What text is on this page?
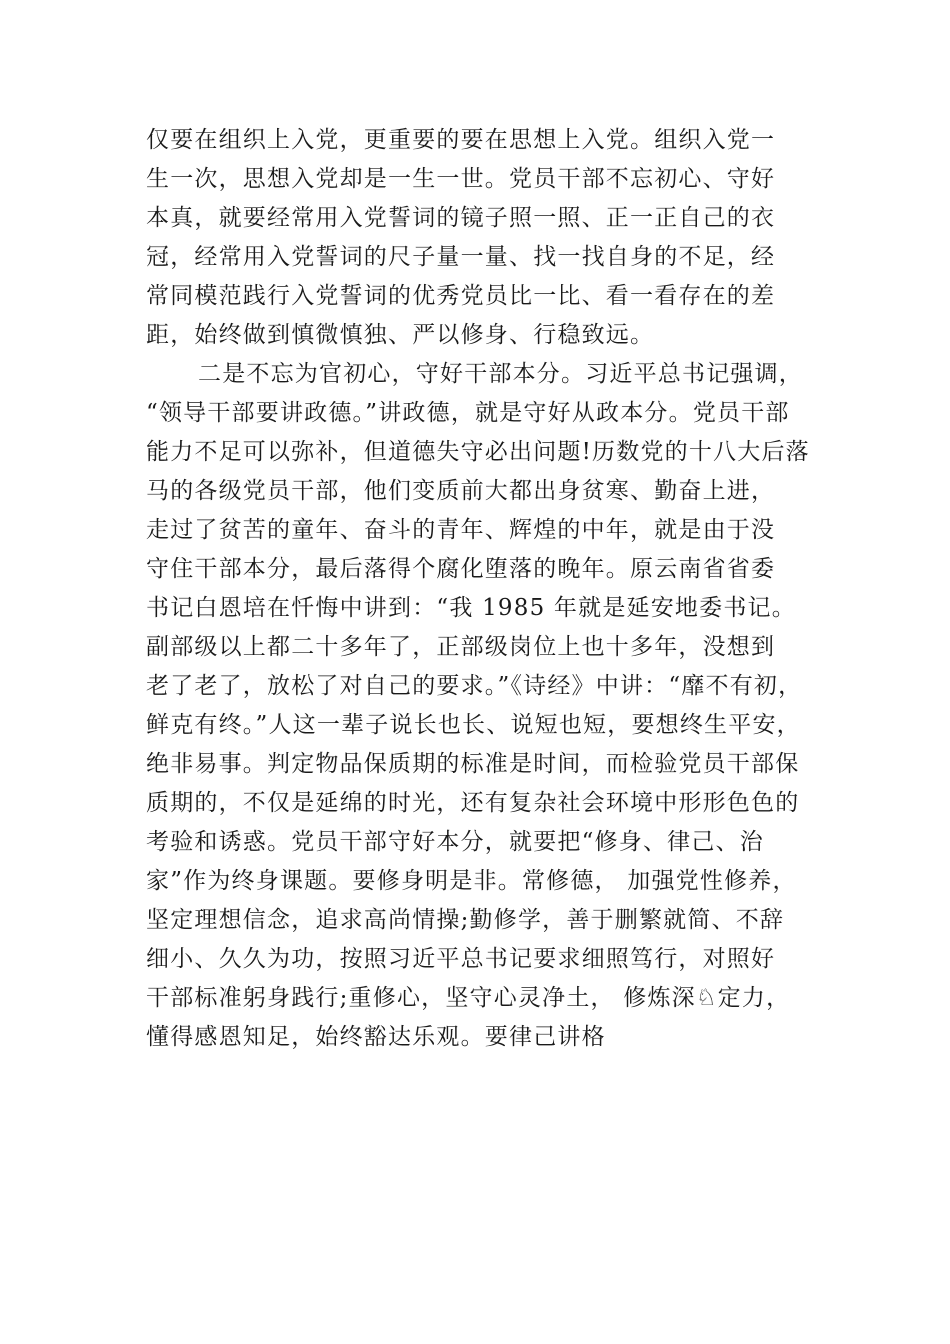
仅要在组织上入党，更重要的要在思想上入党。组织入党一
生一次，思想入党却是一生一世。党员干部不忘初心、守好
本真，就要经常用入党誓词的镜子照一照、正一正自己的衣
冠，经常用入党誓词的尺子量一量、找一找自身的不足，经
常同模范践行入党誓词的优秀党员比一比、看一看存在的差
距，始终做到慎微慎独、严以修身、行稳致远。
二是不忘为官初心，守好干部本分。习近平总书记强调，
“领导干部要讲政德。”讲政德，就是守好从政本分。党员干部
能力不足可以弥补，但道德失守必出问题!历数党的十八大后落
马的各级党员干部，他们变质前大都出身贫寒、勤奋上进，
走过了贫苦的童年、奋斗的青年、辉煌的中年，就是由于没
守住干部本分，最后落得个腐化堕落的晚年。原云南省省委
书记白恩培在忏悔中讲到：“我 1985 年就是延安地委书记。
副部级以上都二十多年了，正部级岗位上也十多年，没想到
老了老了，放松了对自己的要求。”《诗经》中讲：“靡不有初，
鲜克有终。”人这一辈子说长也长、说短也短，要想终生平安，
绝非易事。判定物品保质期的标准是时间，而检验党员干部保
质期的，不仅是延绵的时光，还有复杂社会环境中形形色色的
考验和诱惑。党员干部守好本分，就要把“修身、律己、治
家”作为终身课题。要修身明是非。常修德， 加强党性修养，
坚定理想信念，追求高尚情操;勤修学，善于删繁就简、不辞
细小、久久为功，按照习近平总书记要求细照笃行，对照好
干部标准躬身践行;重修心，坚守心灵净土， 修炼深♘定力，
懂得感恩知足，始终豁达乐观。要律己讲格
